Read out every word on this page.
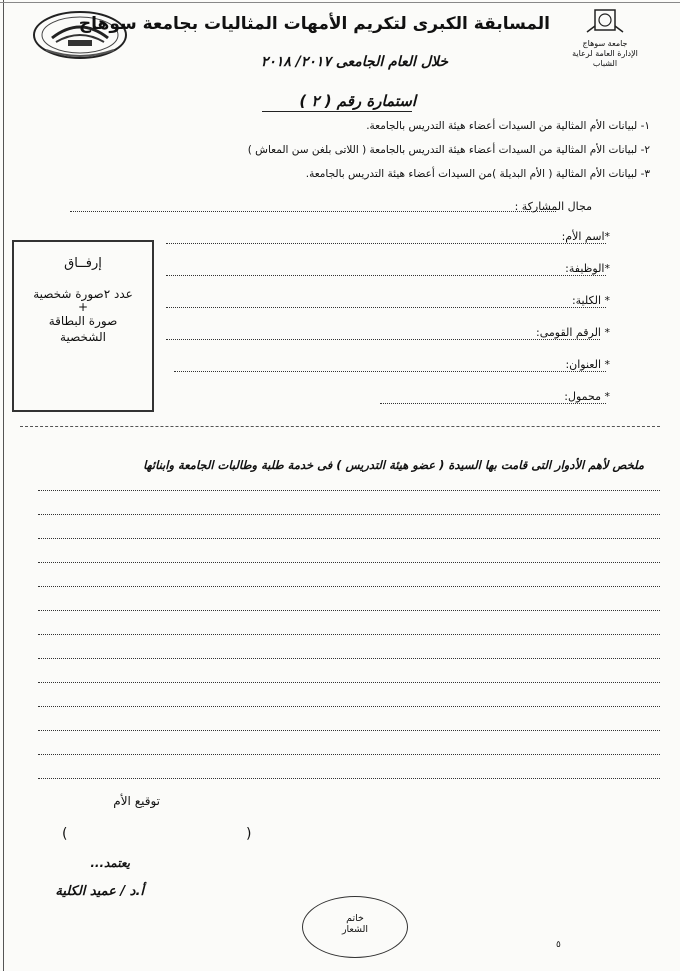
جامعة سوهاج
الإدارة العامة لرعاية الشباب
المسابقة الكبرى لتكريم الأمهات المثاليات بجامعة سوهاج
خلال العام الجامعى ٢٠١٧/ ٢٠١٨
استمارة رقم ( ٢ )
١- لبيانات الأم المثالية من السيدات أعضاء هيئة التدريس بالجامعة.
٢- لبيانات الأم المثالية من السيدات أعضاء هيئة التدريس بالجامعة ( اللاتى بلغن سن المعاش )
٣- لبيانات الأم المثالية ( الأم البديلة )من السيدات أعضاء هيئة التدريس بالجامعة.
مجال المشاركة :
*اسم الأم:
*الوظيفة:
* الكلية:
* الرقم القومى:
* العنوان:
* محمول:
إرفــاق
عدد ٢صورة شخصية
+
صورة البطاقة
الشخصية
ملخص لأهم الأدوار التى قامت بها السيدة ( عضو هيئة التدريس ) فى خدمة طلبة وطالبات الجامعة وابنائها
توقيع الأم
(	)
يعتمد...
أ.د / عميد الكلية
خاتم
الشعار
٥
